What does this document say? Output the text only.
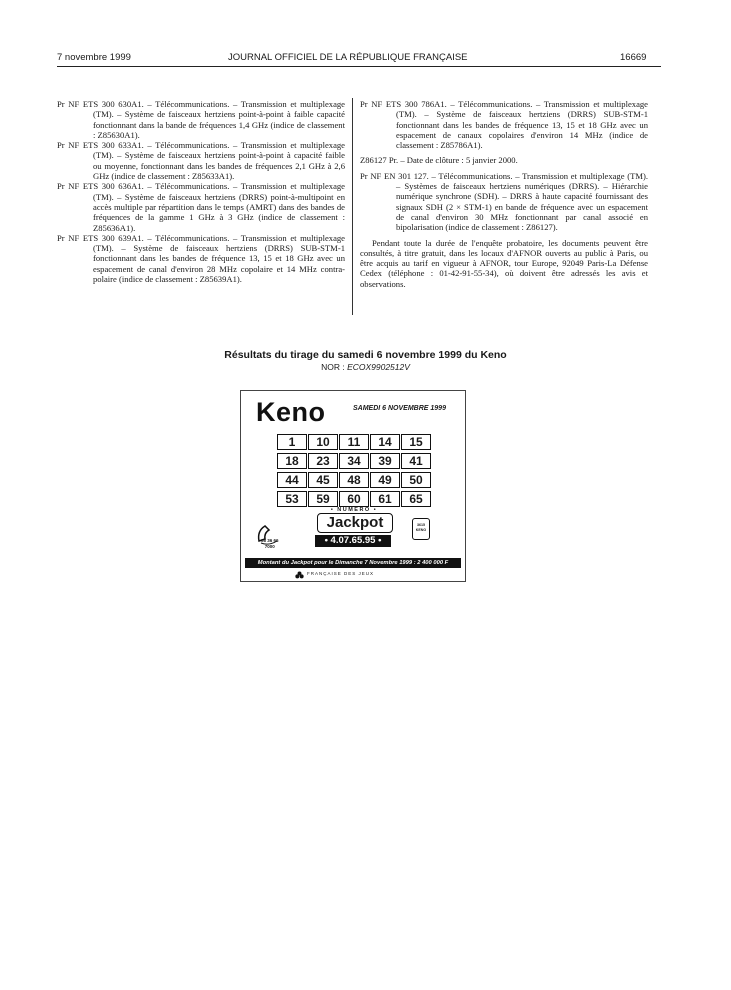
7 novembre 1999	JOURNAL OFFICIEL DE LA RÉPUBLIQUE FRANÇAISE	16669

Pr NF ETS 300 630A1. – Télécommunications. – Transmission et multiplexage (TM). – Système de faisceaux hertziens point-à-point à faible capacité fonctionnant dans la bande de fréquences 1,4 GHz (indice de classement : Z85630A1).

Pr NF ETS 300 633A1. – Télécommunications. – Transmission et multiplexage (TM). – Système de faisceaux hertziens point-à-point à capacité faible ou moyenne, fonctionnant dans les bandes de fréquences 2,1 GHz à 2,6 GHz (indice de classement : Z85633A1).

Pr NF ETS 300 636A1. – Télécommunications. – Transmission et multiplexage (TM). – Système de faisceaux hertziens (DRRS) point-à-multipoint en accès multiple par répartition dans le temps (AMRT) dans des bandes de fréquences de la gamme 1 GHz à 3 GHz (indice de classement : Z85636A1).

Pr NF ETS 300 639A1. – Télécommunications. – Transmission et multiplexage (TM). – Système de faisceaux hertziens (DRRS) SUB-STM-1 fonctionnant dans les bandes de fréquence 13, 15 et 18 GHz avec un espacement de canal d'environ 28 MHz copolaire et 14 MHz contra-polaire (indice de classement : Z85639A1).

Pr NF ETS 300 786A1. – Télécommunications. – Transmission et multiplexage (TM). – Système de faisceaux hertziens (DRRS) SUB-STM-1 fonctionnant dans les bandes de fréquence 13, 15 et 18 GHz avec un espacement de canaux copolaires d'environ 14 MHz (indice de classement : Z85786A1).

Z86127 Pr. – Date de clôture : 5 janvier 2000.

Pr NF EN 301 127. – Télécommunications. – Transmission et multiplexage (TM). – Systèmes de faisceaux hertziens numériques (DRRS). – Hiérarchie numérique synchrone (SDH). – DRRS à haute capacité fournissant des signaux SDH (2 × STM-1) en bande de fréquence avec un espacement de canal d'environ 30 MHz fonctionnant par canal associé en bipolarisation (indice de classement : Z86127).

Pendant toute la durée de l'enquête probatoire, les documents peuvent être consultés, à titre gratuit, dans les locaux d'AFNOR ouverts au public à Paris, ou être acquis au tarif en vigueur à AFNOR, tour Europe, 92049 Paris-La Défense Cedex (téléphone : 01-42-91-55-34), où doivent être adressés les avis et observations.

Résultats du tirage du samedi 6 novembre 1999 du Keno
NOR : ECOX9902512V
Keno	SAMEDI 6 NOVEMBRE 1999
1	10	11	14	15
18	23	34	39	41
44	45	48	49	50
53	59	60	61	65
08 36 66
7000
• NUMÉRO •
Jackpot
• 4.07.65.95 •
3615
KENO
Montant du Jackpot pour le Dimanche 7 Novembre 1999 : 2 400 000 F
FRANÇAISE DES JEUX
